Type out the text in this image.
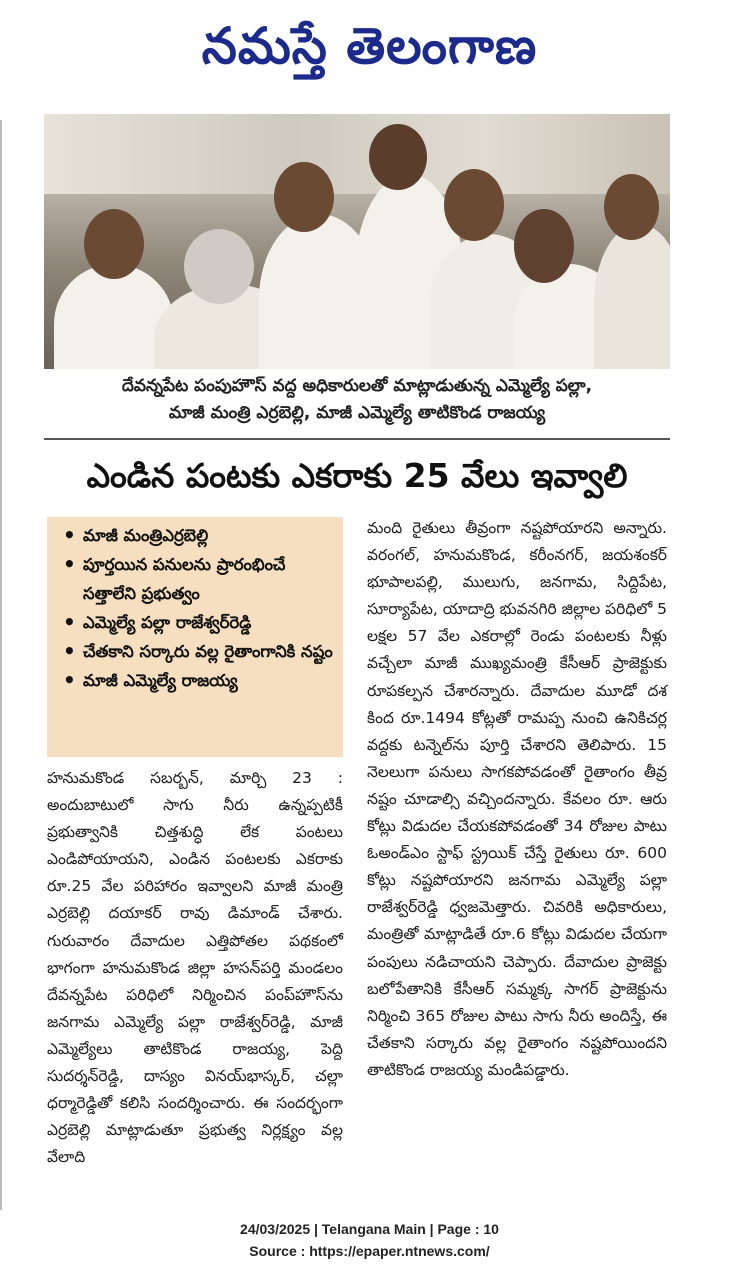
నమస్తే తెలంగాణ
దేవన్నపేట పంపుహౌస్ వద్ద అధికారులతో మాట్లాడుతున్న ఎమ్మెల్యే పల్లా,
మాజీ మంత్రి ఎర్రబెల్లి, మాజీ ఎమ్మెల్యే తాటికొండ రాజయ్య
ఎండిన పంటకు ఎకరాకు 25 వేలు ఇవ్వాలి
• మాజీ మంత్రిఎర్రబెల్లి
• పూర్తయిన పనులను ప్రారంభించే సత్తాలేని ప్రభుత్వం
• ఎమ్మెల్యే పల్లా రాజేశ్వర్‌రెడ్డి
• చేతకాని సర్కారు వల్ల రైతాంగానికి నష్టం
• మాజీ ఎమ్మెల్యే రాజయ్య

హనుమకొండ సబర్బన్, మార్చి 23 : అందుబాటులో సాగు నీరు ఉన్నప్పటికీ ప్రభుత్వానికి చిత్తశుద్ధి లేక పంటలు ఎండిపోయాయని, ఎండిన పంటలకు ఎకరాకు రూ.25 వేల పరిహారం ఇవ్వాలని మాజీ మంత్రి ఎర్రబెల్లి దయాకర్ రావు డిమాండ్ చేశారు. గురువారం దేవాదుల ఎత్తిపోతల పథకంలో భాగంగా హనుమకొండ జిల్లా హసన్‌పర్తి మండలం దేవన్నపేట పరిధిలో నిర్మించిన పంప్‌హౌస్‌ను జనగామ ఎమ్మెల్యే పల్లా రాజేశ్వర్‌రెడ్డి, మాజీ ఎమ్మెల్యేలు తాటికొండ రాజయ్య, పెద్ది సుదర్శన్‌రెడ్డి, దాస్యం వినయ్‌భాస్కర్, చల్లా ధర్మారెడ్డితో కలిసి సందర్శించారు. ఈ సందర్భంగా ఎర్రబెల్లి మాట్లాడుతూ ప్రభుత్వ నిర్లక్ష్యం వల్ల వేలాది

మంది రైతులు తీవ్రంగా నష్టపోయారని అన్నారు. వరంగల్, హనుమకొండ, కరీంనగర్, జయశంకర్ భూపాలపల్లి, ములుగు, జనగామ, సిద్దిపేట, సూర్యాపేట, యాదాద్రి భువనగిరి జిల్లాల పరిధిలో 5 లక్షల 57 వేల ఎకరాల్లో రెండు పంటలకు నీళ్లు వచ్చేలా మాజీ ముఖ్యమంత్రి కేసీఆర్ ప్రాజెక్టుకు రూపకల్పన చేశారన్నారు. దేవాదుల మూడో దశ కింద రూ.1494 కోట్లతో రామప్ప నుంచి ఉనికిచర్ల వద్దకు టన్నెల్‌ను పూర్తి చేశారని తెలిపారు. 15 నెలలుగా పనులు సాగకపోవడంతో రైతాంగం తీవ్ర నష్టం చూడాల్సి వచ్చిందన్నారు. కేవలం రూ. ఆరు కోట్లు విడుదల చేయకపోవడంతో 34 రోజుల పాటు ఓఅండ్‌ఎం స్టాఫ్ స్ట్రయిక్ చేస్తే రైతులు రూ. 600 కోట్లు నష్టపోయారని జనగామ ఎమ్మెల్యే పల్లా రాజేశ్వర్‌రెడ్డి ధ్వజమెత్తారు. చివరికి అధికారులు, మంత్రితో మాట్లాడితే రూ.6 కోట్లు విడుదల చేయగా పంపులు నడిచాయని చెప్పారు. దేవాదుల ప్రాజెక్టు బలోపేతానికి కేసీఆర్ సమ్మక్క సాగర్ ప్రాజెక్టును నిర్మించి 365 రోజుల పాటు సాగు నీరు అందిస్తే, ఈ చేతకాని సర్కారు వల్ల రైతాంగం నష్టపోయిందని తాటికొండ రాజయ్య మండిపడ్డారు.

24/03/2025 | Telangana Main | Page : 10
Source : https://epaper.ntnews.com/
